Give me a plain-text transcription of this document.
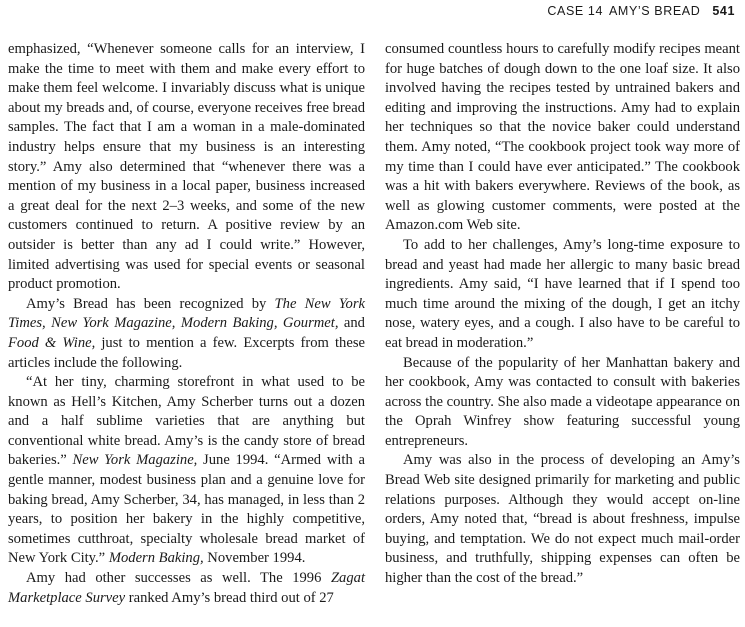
CASE 14 AMY’S BREAD 541

emphasized, “Whenever someone calls for an interview, I make the time to meet with them and make every effort to make them feel welcome. I invariably discuss what is unique about my breads and, of course, everyone receives free bread samples. The fact that I am a woman in a male-dominated industry helps ensure that my business is an interesting story.” Amy also determined that “whenever there was a mention of my business in a local paper, business increased a great deal for the next 2–3 weeks, and some of the new customers continued to return. A positive review by an outsider is better than any ad I could write.” However, limited advertising was used for special events or seasonal product promotion.

Amy’s Bread has been recognized by The New York Times, New York Magazine, Modern Baking, Gourmet, and Food & Wine, just to mention a few. Excerpts from these articles include the following.

“At her tiny, charming storefront in what used to be known as Hell’s Kitchen, Amy Scherber turns out a dozen and a half sublime varieties that are anything but conventional white bread. Amy’s is the candy store of bread bakeries.” New York Magazine, June 1994. “Armed with a gentle manner, modest business plan and a genuine love for baking bread, Amy Scherber, 34, has managed, in less than 2 years, to position her bakery in the highly competitive, sometimes cutthroat, specialty wholesale bread market of New York City.” Modern Baking, November 1994.

Amy had other successes as well. The 1996 Zagat Marketplace Survey ranked Amy’s bread third out of 27

consumed countless hours to carefully modify recipes meant for huge batches of dough down to the one loaf size. It also involved having the recipes tested by untrained bakers and editing and improving the instructions. Amy had to explain her techniques so that the novice baker could understand them. Amy noted, “The cookbook project took way more of my time than I could have ever anticipated.” The cookbook was a hit with bakers everywhere. Reviews of the book, as well as glowing customer comments, were posted at the Amazon.com Web site.

To add to her challenges, Amy’s long-time exposure to bread and yeast had made her allergic to many basic bread ingredients. Amy said, “I have learned that if I spend too much time around the mixing of the dough, I get an itchy nose, watery eyes, and a cough. I also have to be careful to eat bread in moderation.”

Because of the popularity of her Manhattan bakery and her cookbook, Amy was contacted to consult with bakeries across the country. She also made a videotape appearance on the Oprah Winfrey show featuring successful young entrepreneurs.

Amy was also in the process of developing an Amy’s Bread Web site designed primarily for marketing and public relations purposes. Although they would accept on-line orders, Amy noted that, “bread is about freshness, impulse buying, and temptation. We do not expect much mail-order business, and truthfully, shipping expenses can often be higher than the cost of the bread.”
